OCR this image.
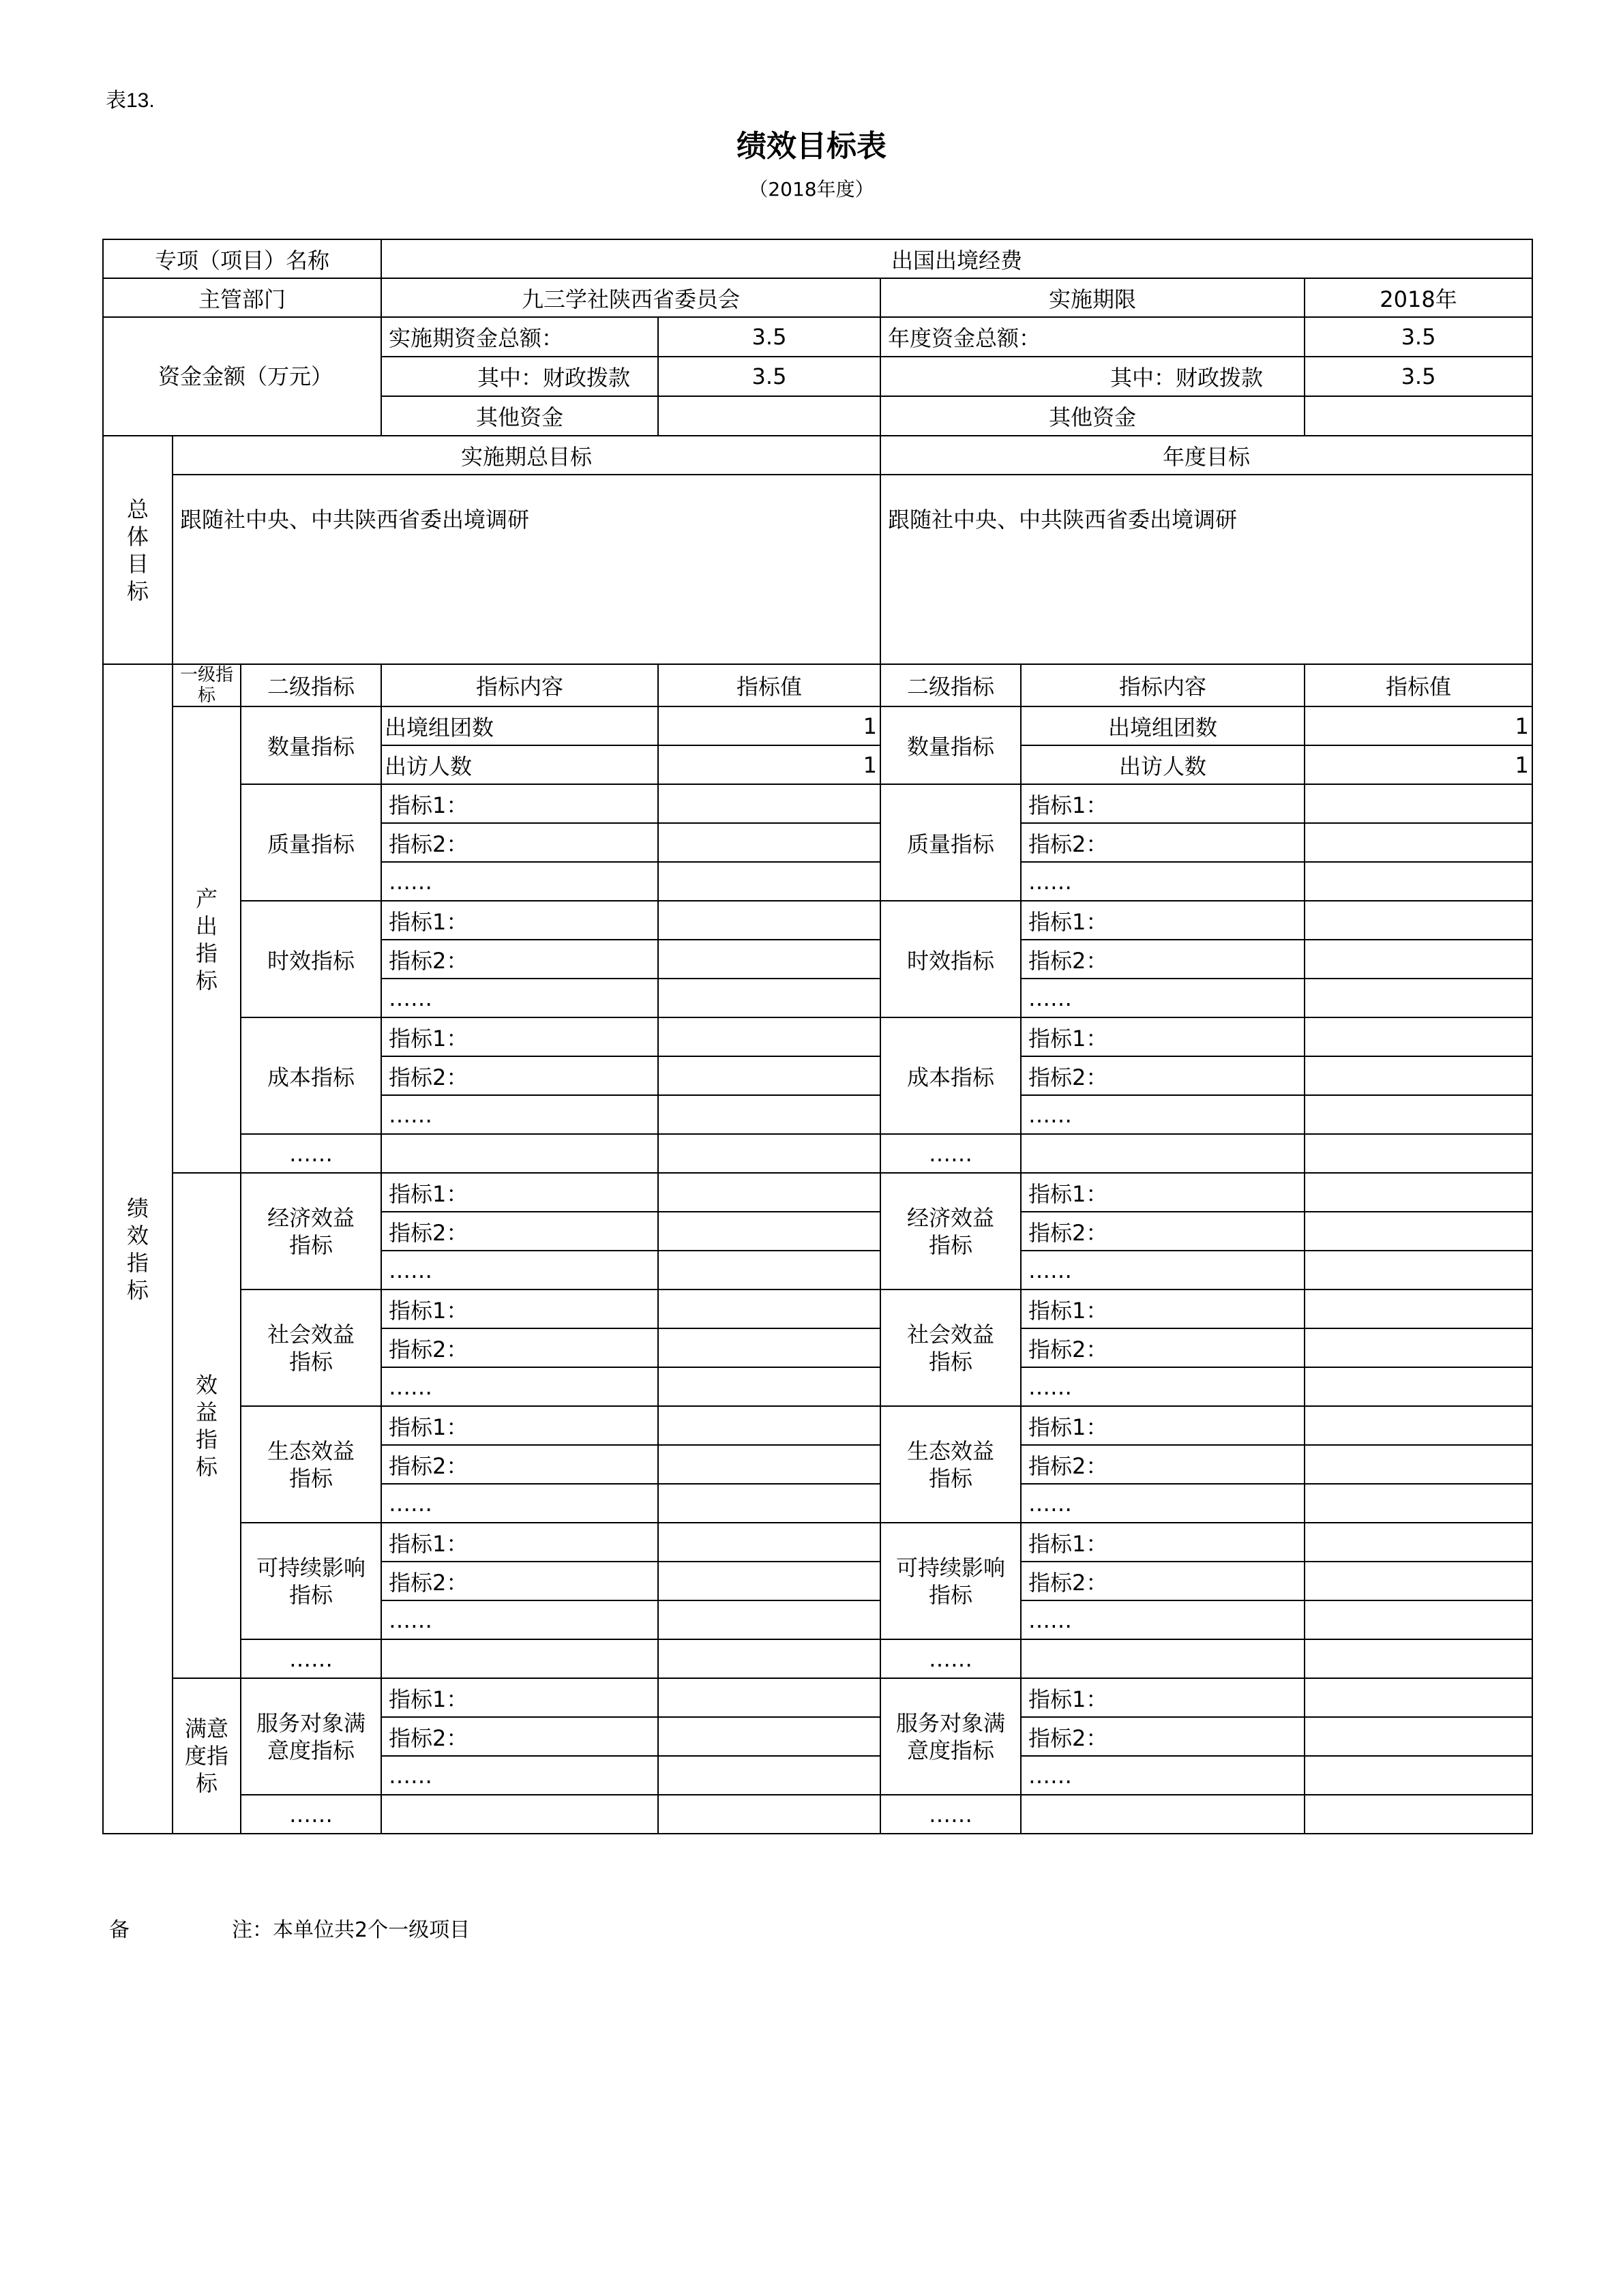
表13.
绩效目标表
（2018年度）
专项（项目）名称			出国出境经费				
主管部门			九三学社陕西省委员会		实施期限		2018年
资金金额（万元）			实施期资金总额：	3.5	年度资金总额：		3.5
			其中：财政拨款	3.5	其中：财政拨款		3.5
			其他资金		其他资金		
总体目标	实施期总目标				年度目标		
	跟随社中央、中共陕西省委出境调研				跟随社中央、中共陕西省委出境调研		
绩效指标	一级指标	二级指标	指标内容	指标值	二级指标	指标内容	指标值
	产出指标	数量指标	出境组团数	1	数量指标	出境组团数	1
			出访人数	1		出访人数	1
		质量指标	指标1：		质量指标	指标1：	
			指标2：			指标2：	
			……			……	
		时效指标	指标1：		时效指标	指标1：	
			指标2：			指标2：	
			……			……	
		成本指标	指标1：		成本指标	指标1：	
			指标2：			指标2：	
			……			……	
		……			……		
	效益指标	经济效益指标	指标1：		经济效益指标	指标1：	
			指标2：			指标2：	
			……			……	
		社会效益指标	指标1：		社会效益指标	指标1：	
			指标2：			指标2：	
			……			……	
		生态效益指标	指标1：		生态效益指标	指标1：	
			指标2：			指标2：	
			……			……	
		可持续影响指标	指标1：		可持续影响指标	指标1：	
			指标2：			指标2：	
			……			……	
		……			……		
	满意度指标	服务对象满意度指标	指标1：		服务对象满意度指标	指标1：	
			指标2：			指标2：	
			……			……	
		……			……		
备	注：本单位共2个一级项目
